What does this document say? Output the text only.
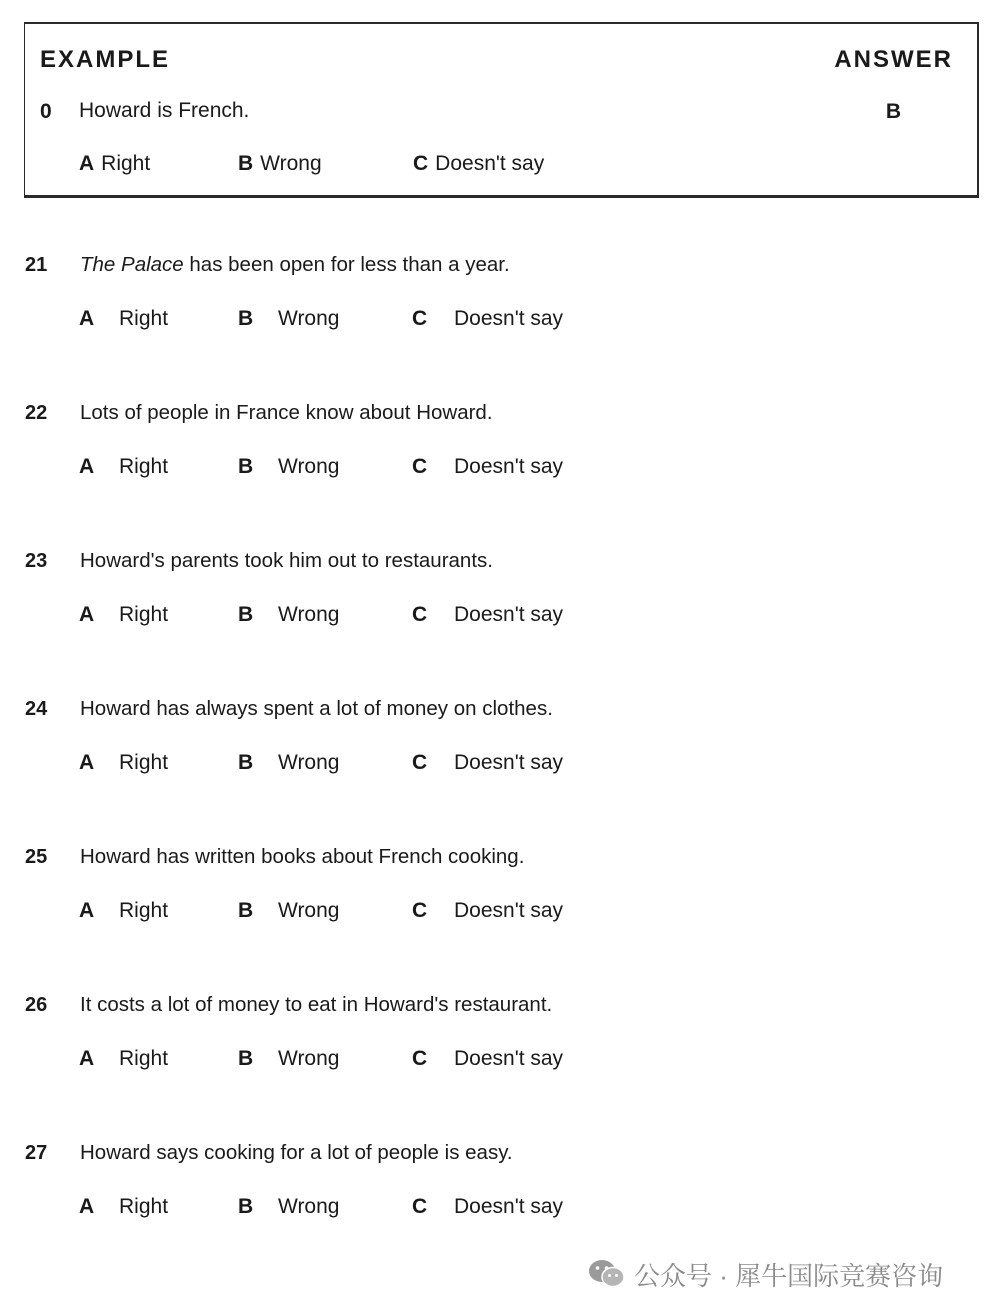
EXAMPLE	ANSWER
0 Howard is French.	B
A Right	B Wrong	C Doesn't say
21 The Palace has been open for less than a year.
A Right	B Wrong	C Doesn't say
22 Lots of people in France know about Howard.
A Right	B Wrong	C Doesn't say
23 Howard's parents took him out to restaurants.
A Right	B Wrong	C Doesn't say
24 Howard has always spent a lot of money on clothes.
A Right	B Wrong	C Doesn't say
25 Howard has written books about French cooking.
A Right	B Wrong	C Doesn't say
26 It costs a lot of money to eat in Howard's restaurant.
A Right	B Wrong	C Doesn't say
27 Howard says cooking for a lot of people is easy.
A Right	B Wrong	C Doesn't say
公众号 · 犀牛国际竞赛咨询
